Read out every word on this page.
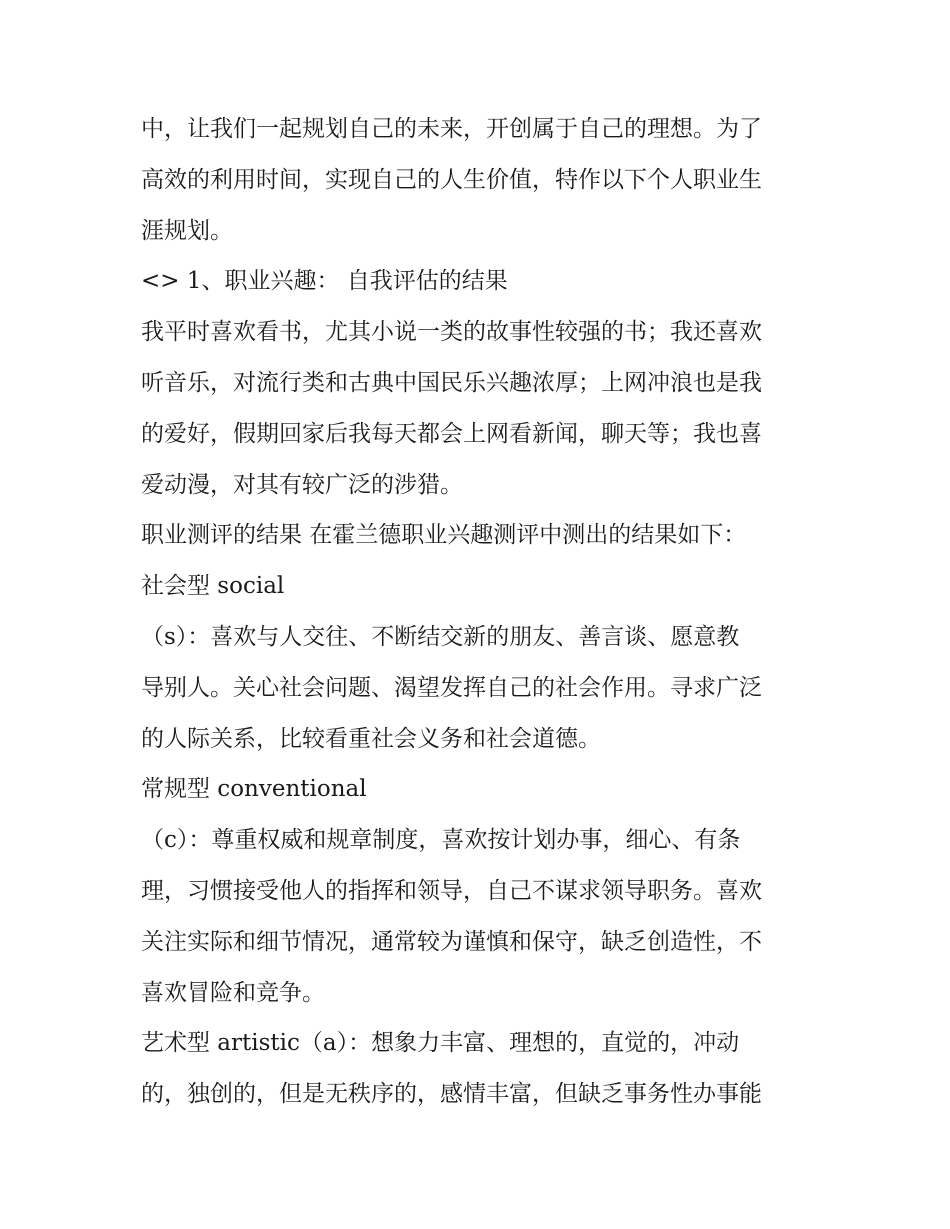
中，让我们一起规划自己的未来，开创属于自己的理想。为了
高效的利用时间，实现自己的人生价值，特作以下个人职业生
涯规划。
<> 1、职业兴趣： 自我评估的结果
我平时喜欢看书，尤其小说一类的故事性较强的书；我还喜欢
听音乐，对流行类和古典中国民乐兴趣浓厚；上网冲浪也是我
的爱好，假期回家后我每天都会上网看新闻，聊天等；我也喜
爱动漫，对其有较广泛的涉猎。
职业测评的结果 在霍兰德职业兴趣测评中测出的结果如下：
社会型 social
（s）：喜欢与人交往、不断结交新的朋友、善言谈、愿意教
导别人。关心社会问题、渴望发挥自己的社会作用。寻求广泛
的人际关系，比较看重社会义务和社会道德。
常规型 conventional
（c）：尊重权威和规章制度，喜欢按计划办事，细心、有条
理，习惯接受他人的指挥和领导，自己不谋求领导职务。喜欢
关注实际和细节情况，通常较为谨慎和保守，缺乏创造性，不
喜欢冒险和竞争。
艺术型 artistic（a）：想象力丰富、理想的，直觉的，冲动
的，独创的，但是无秩序的，感情丰富，但缺乏事务性办事能
